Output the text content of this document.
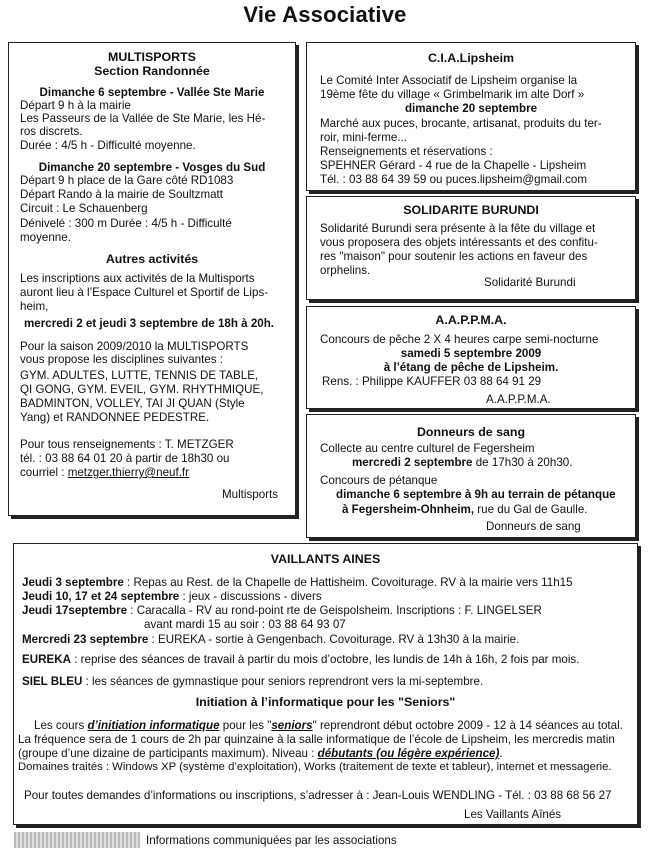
Vie Associative
MULTISPORTS
Section Randonnée
Dimanche 6 septembre - Vallée Ste Marie
Départ 9 h à la mairie
Les Passeurs de la Vallée de Ste Marie, les Hé-
ros discrets.
Durée : 4/5 h - Difficulté moyenne.
Dimanche 20 septembre - Vosges du Sud
Départ 9 h place de la Gare côté RD1083
Départ Rando à la mairie de Soultzmatt
Circuit : Le Schauenberg
Dénivelé : 300 m Durée : 4/5 h - Difficulté
moyenne.
Autres activités
Les inscriptions aux activités de la Multisports
auront lieu à l’Espace Culturel et Sportif de Lips-
heim,
mercredi 2 et jeudi 3 septembre de 18h à 20h.
Pour la saison 2009/2010 la MULTISPORTS
vous propose les disciplines suivantes :
GYM. ADULTES, LUTTE, TENNIS DE TABLE,
QI GONG, GYM. EVEIL, GYM. RHYTHMIQUE,
BADMINTON, VOLLEY, TAI JI QUAN (Style
Yang) et RANDONNEE PEDESTRE.
Pour tous renseignements : T. METZGER
tél. : 03 88 64 01 20 à partir de 18h30 ou
courriel : metzger.thierry@neuf.fr
Multisports
C.I.A.Lipsheim
Le Comité Inter Associatif de Lipsheim organise la
19ème fête du village « Grimbelmarik im alte Dorf »
dimanche 20 septembre
Marché aux puces, brocante, artisanat, produits du ter-
roir, mini-ferme...
Renseignements et réservations :
SPEHNER Gérard - 4 rue de la Chapelle - Lipsheim
Tél. : 03 88 64 39 59 ou puces.lipsheim@gmail.com
SOLIDARITE BURUNDI
Solidarité Burundi sera présente à la fête du village et
vous proposera des objets intéressants et des confitu-
res "maison" pour soutenir les actions en faveur des
orphelins.
Solidarité Burundi
A.A.P.P.M.A.
Concours de pêche 2 X 4 heures carpe semi-nocturne
samedi 5 septembre 2009
à l’étang de pêche de Lipsheim.
Rens. : Philippe KAUFFER 03 88 64 91 29
A.A.P.P.M.A.
Donneurs de sang
Collecte au centre culturel de Fegersheim
mercredi 2 septembre de 17h30 à 20h30.
Concours de pétanque
dimanche 6 septembre à 9h au terrain de pétanque
à Fegersheim-Ohnheim, rue du Gal de Gaulle.
Donneurs de sang
VAILLANTS AINES
Jeudi 3 septembre : Repas au Rest. de la Chapelle de Hattisheim. Covoiturage. RV à la mairie vers 11h15
Jeudi 10, 17 et 24 septembre : jeux - discussions - divers
Jeudi 17septembre : Caracalla - RV au rond-point rte de Geispolsheim. Inscriptions : F. LINGELSER
avant mardi 15 au soir : 03 88 64 93 07
Mercredi 23 septembre : EUREKA - sortie à Gengenbach. Covoiturage. RV à 13h30 à la mairie.
EUREKA : reprise des séances de travail à partir du mois d’octobre, les lundis de 14h à 16h, 2 fois par mois.
SIEL BLEU : les séances de gymnastique pour seniors reprendront vers la mi-septembre.
Initiation à l’informatique pour les "Seniors"
Les cours d’initiation informatique pour les "seniors" reprendront début octobre 2009 - 12 à 14 séances au total.
La fréquence sera de 1 cours de 2h par quinzaine à la salle informatique de l’école de Lipsheim, les mercredis matin
(groupe d’une dizaine de participants maximum). Niveau : débutants (ou légère expérience).
Domaines traités : Windows XP (système d’exploitation), Works (traitement de texte et tableur), internet et messagerie.
Pour toutes demandes d’informations ou inscriptions, s’adresser à : Jean-Louis WENDLING - Tél. : 03 88 68 56 27
Les Vaillants Aînés
Informations communiquées par les associations
